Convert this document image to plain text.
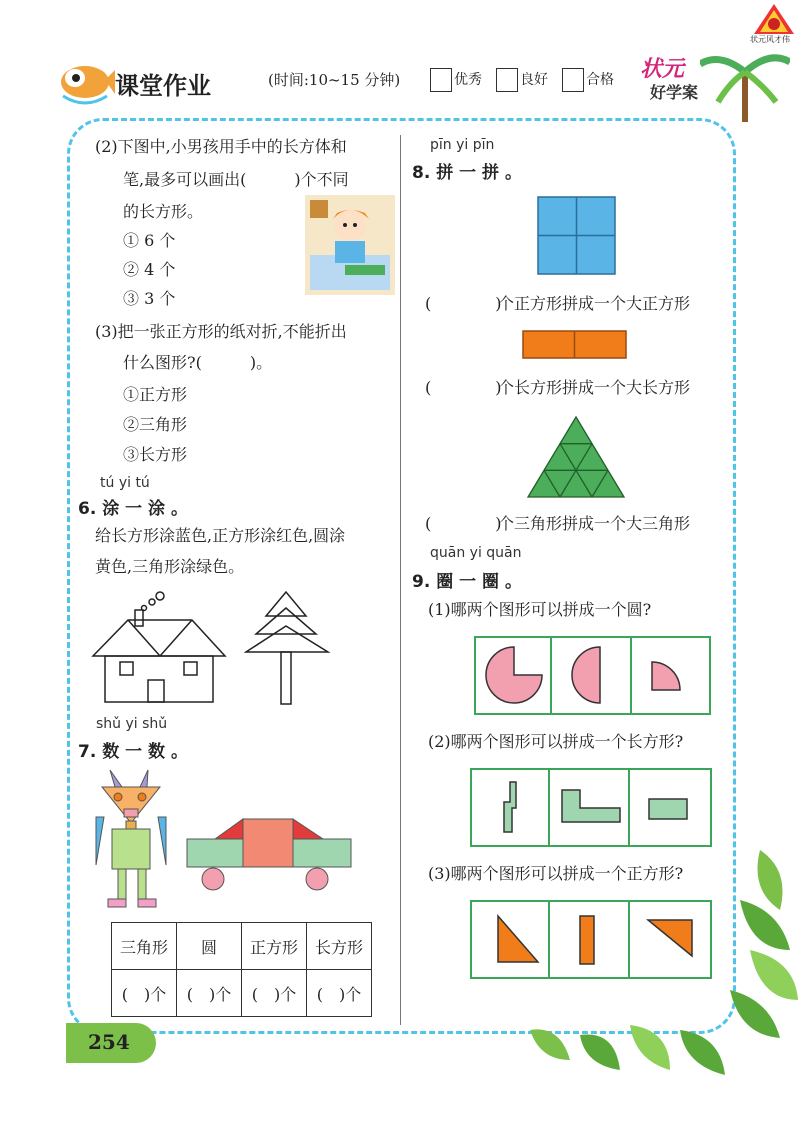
状元风才伟
课堂作业	(时间:10~15 分钟)	优秀	良好	合格 状元
好学案
(2)下图中,小男孩用手中的长方体和
笔,最多可以画出(　　　)个不同
的长方形。
① 6 个
② 4 个
③ 3 个
(3)把一张正方形的纸对折,不能折出
什么图形?(　　　)。
①正方形
②三角形
③长方形
tú yi tú
6. 涂 一 涂 。
给长方形涂蓝色,正方形涂红色,圆涂
黄色,三角形涂绿色。
shǔ yi shǔ
7. 数 一 数 。
三角形	圆	正方形	长方形
(　)个	(　)个	(　)个	(　)个
pīn yi pīn
8. 拼 一 拼 。
(　　　　)
个正方形拼成一个大正方形
(　　　　)
个长方形拼成一个大长方形
(　　　　)
个三角形拼成一个大三角形
quān yi quān
9. 圈 一 圈 。
(1)哪两个图形可以拼成一个圆?
(2)哪两个图形可以拼成一个长方形?
(3)哪两个图形可以拼成一个正方形?
254
